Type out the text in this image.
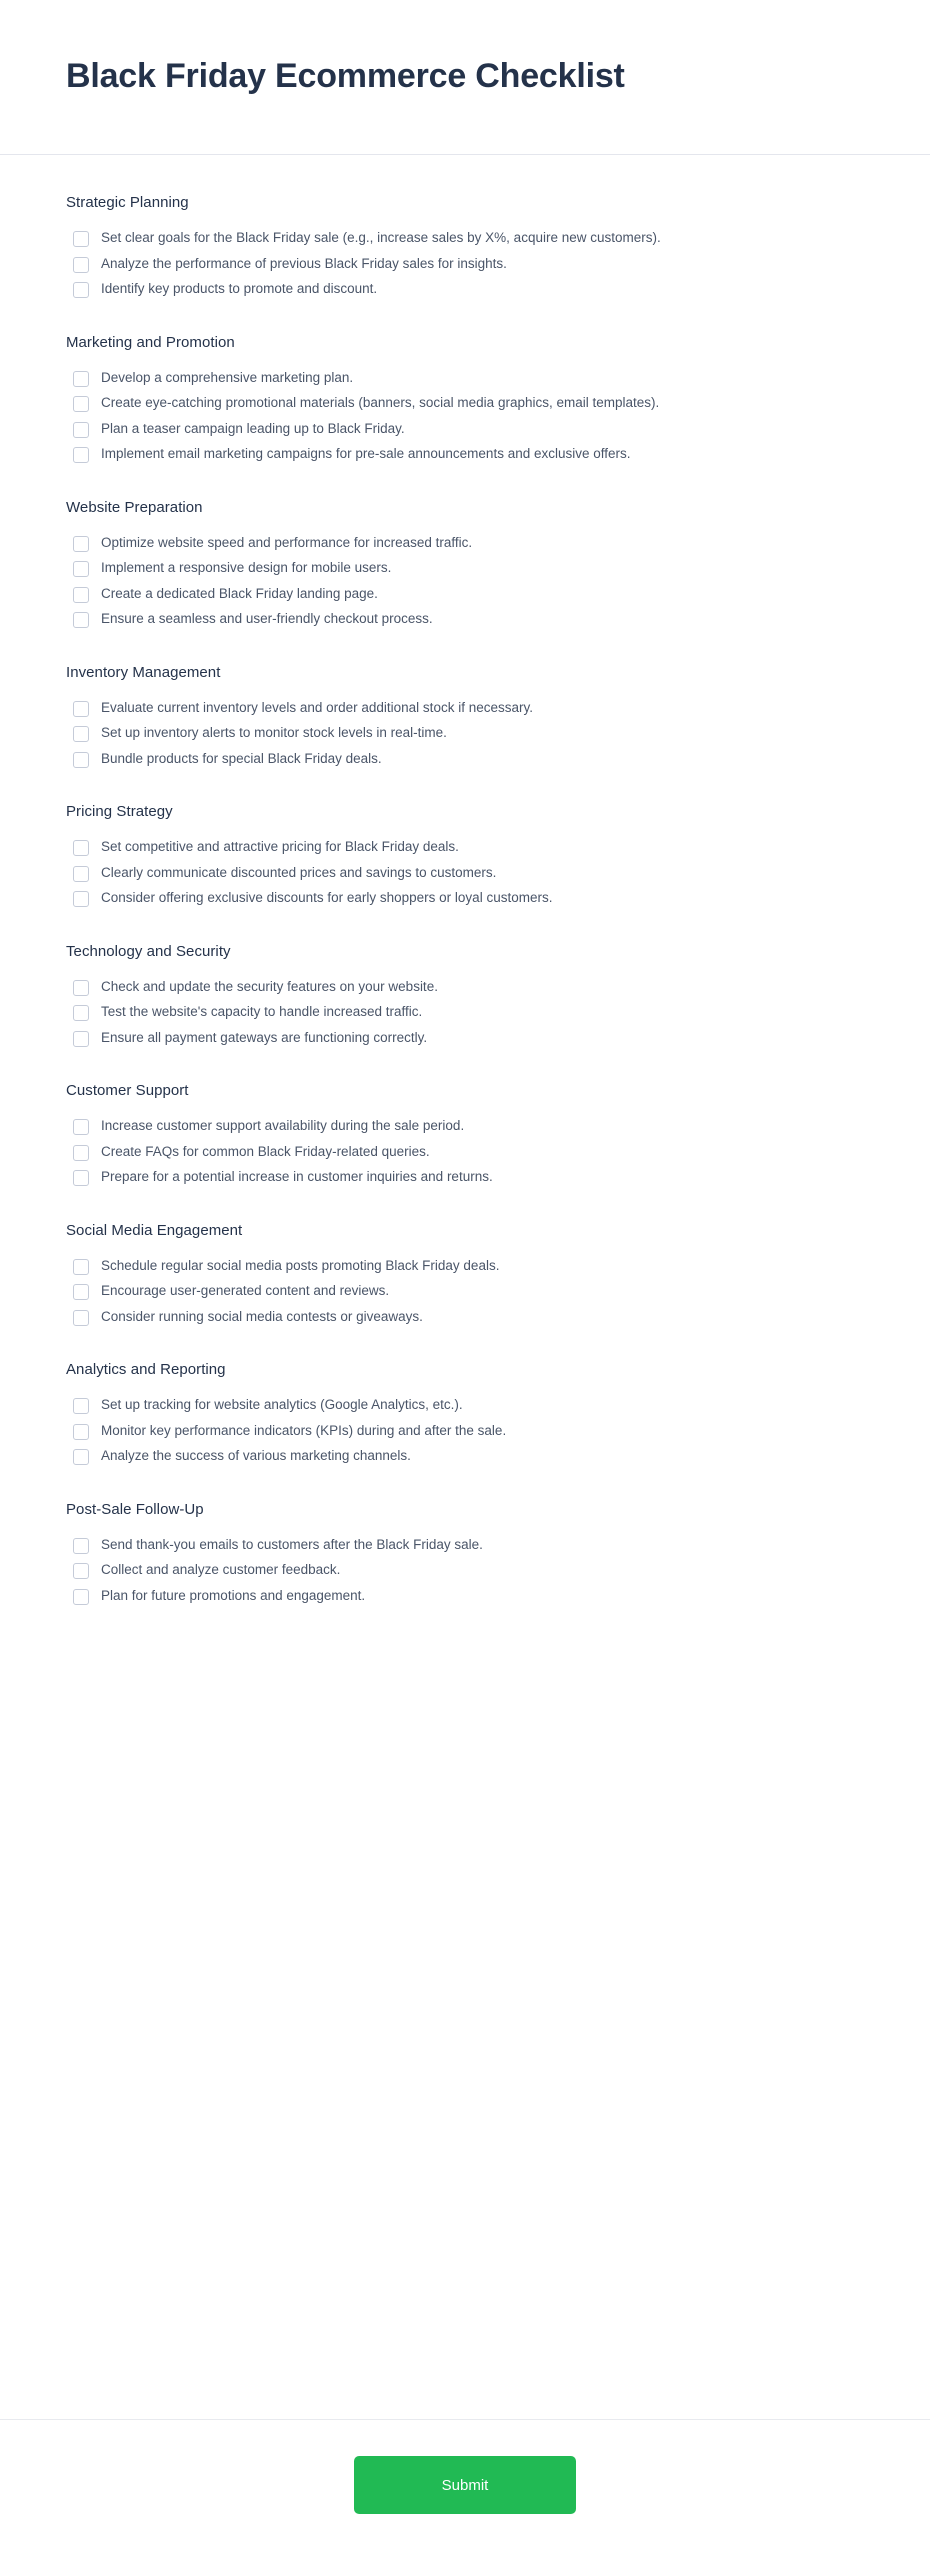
Black Friday Ecommerce Checklist
Strategic Planning
Set clear goals for the Black Friday sale (e.g., increase sales by X%, acquire new customers).
Analyze the performance of previous Black Friday sales for insights.
Identify key products to promote and discount.
Marketing and Promotion
Develop a comprehensive marketing plan.
Create eye-catching promotional materials (banners, social media graphics, email templates).
Plan a teaser campaign leading up to Black Friday.
Implement email marketing campaigns for pre-sale announcements and exclusive offers.
Website Preparation
Optimize website speed and performance for increased traffic.
Implement a responsive design for mobile users.
Create a dedicated Black Friday landing page.
Ensure a seamless and user-friendly checkout process.
Inventory Management
Evaluate current inventory levels and order additional stock if necessary.
Set up inventory alerts to monitor stock levels in real-time.
Bundle products for special Black Friday deals.
Pricing Strategy
Set competitive and attractive pricing for Black Friday deals.
Clearly communicate discounted prices and savings to customers.
Consider offering exclusive discounts for early shoppers or loyal customers.
Technology and Security
Check and update the security features on your website.
Test the website's capacity to handle increased traffic.
Ensure all payment gateways are functioning correctly.
Customer Support
Increase customer support availability during the sale period.
Create FAQs for common Black Friday-related queries.
Prepare for a potential increase in customer inquiries and returns.
Social Media Engagement
Schedule regular social media posts promoting Black Friday deals.
Encourage user-generated content and reviews.
Consider running social media contests or giveaways.
Analytics and Reporting
Set up tracking for website analytics (Google Analytics, etc.).
Monitor key performance indicators (KPIs) during and after the sale.
Analyze the success of various marketing channels.
Post-Sale Follow-Up
Send thank-you emails to customers after the Black Friday sale.
Collect and analyze customer feedback.
Plan for future promotions and engagement.
Submit
